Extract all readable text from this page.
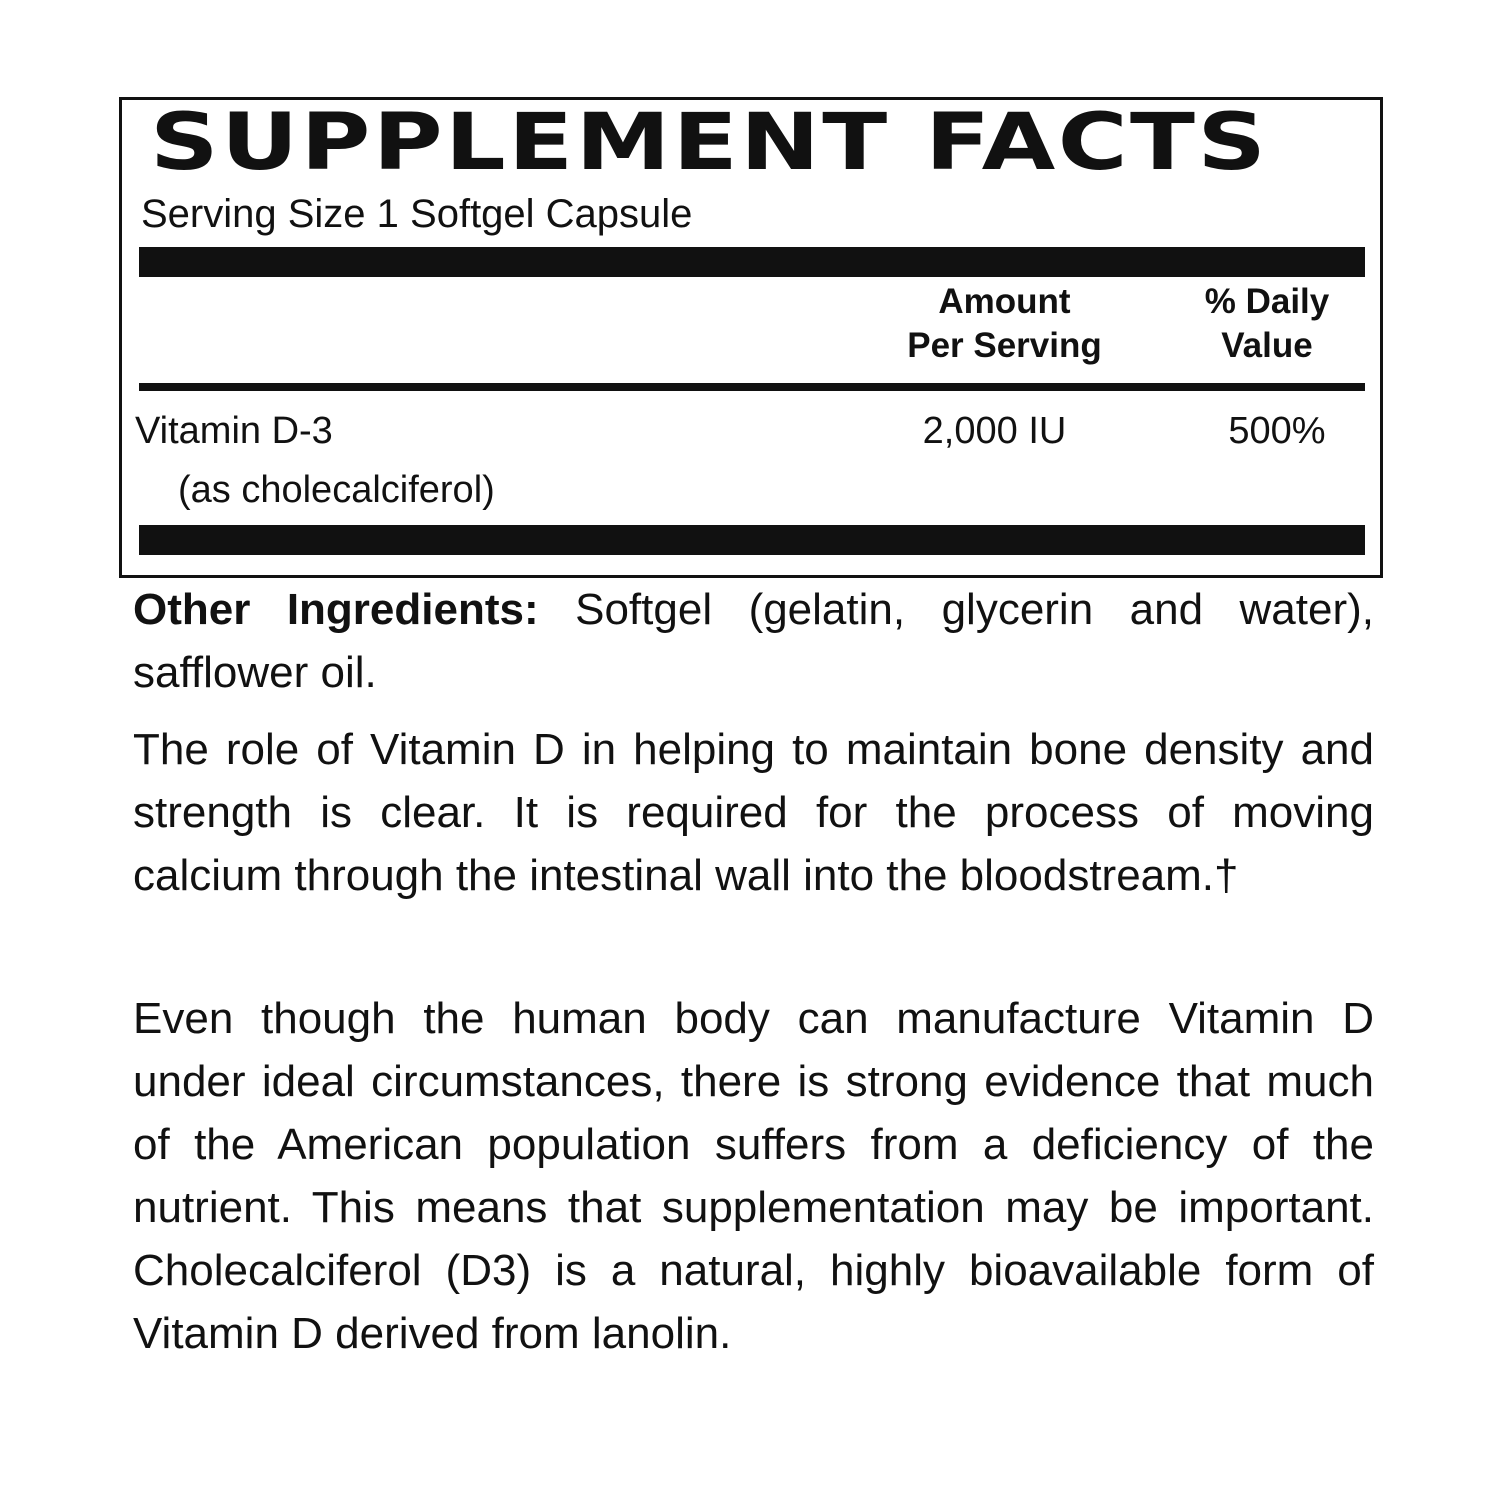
SUPPLEMENT FACTS
Serving Size 1 Softgel Capsule
Amount
Per Serving
% Daily
Value
Vitamin D-3
(as cholecalciferol)
2,000 IU	500%

Other Ingredients: Softgel (gelatin, glycerin and water), safflower oil.

The role of Vitamin D in helping to maintain bone density and strength is clear. It is required for the process of moving calcium through the intestinal wall into the bloodstream.†

Even though the human body can manufacture Vitamin D under ideal circumstances, there is strong evidence that much of the American population suffers from a deficiency of the nutrient. This means that supplementation may be important. Cholecalciferol (D3) is a natural, highly bioavailable form of Vitamin D derived from lanolin.
